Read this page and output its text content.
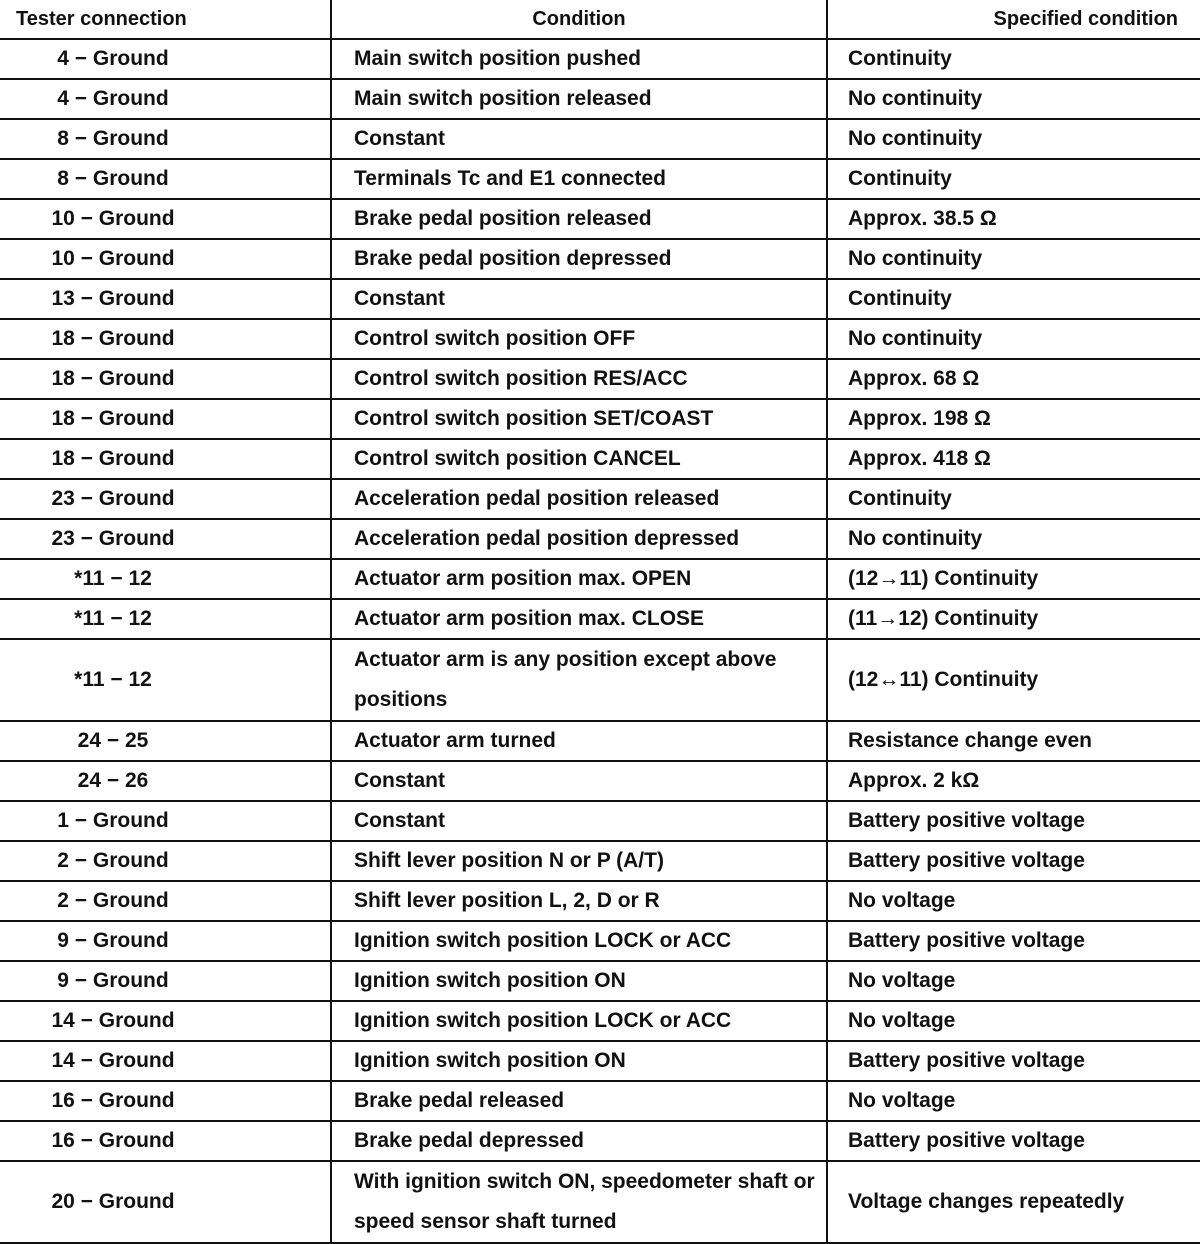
Tester connection	Condition	Specified condition
4 − Ground	Main switch position pushed	Continuity
4 − Ground	Main switch position released	No continuity
8 − Ground	Constant	No continuity
8 − Ground	Terminals Tc and E1 connected	Continuity
10 − Ground	Brake pedal position released	Approx. 38.5 Ω
10 − Ground	Brake pedal position depressed	No continuity
13 − Ground	Constant	Continuity
18 − Ground	Control switch position OFF	No continuity
18 − Ground	Control switch position RES/ACC	Approx. 68 Ω
18 − Ground	Control switch position SET/COAST	Approx. 198 Ω
18 − Ground	Control switch position CANCEL	Approx. 418 Ω
23 − Ground	Acceleration pedal position released	Continuity
23 − Ground	Acceleration pedal position depressed	No continuity
*11 − 12	Actuator arm position max. OPEN	(12→11) Continuity
*11 − 12	Actuator arm position max. CLOSE	(11→12) Continuity
*11 − 12	Actuator arm is any position except above positions	(12↔11) Continuity
24 − 25	Actuator arm turned	Resistance change even
24 − 26	Constant	Approx. 2 kΩ
1 − Ground	Constant	Battery positive voltage
2 − Ground	Shift lever position N or P (A/T)	Battery positive voltage
2 − Ground	Shift lever position L, 2, D or R	No voltage
9 − Ground	Ignition switch position LOCK or ACC	Battery positive voltage
9 − Ground	Ignition switch position ON	No voltage
14 − Ground	Ignition switch position LOCK or ACC	No voltage
14 − Ground	Ignition switch position ON	Battery positive voltage
16 − Ground	Brake pedal released	No voltage
16 − Ground	Brake pedal depressed	Battery positive voltage
20 − Ground	With ignition switch ON, speedometer shaft or speed sensor shaft turned	Voltage changes repeatedly
